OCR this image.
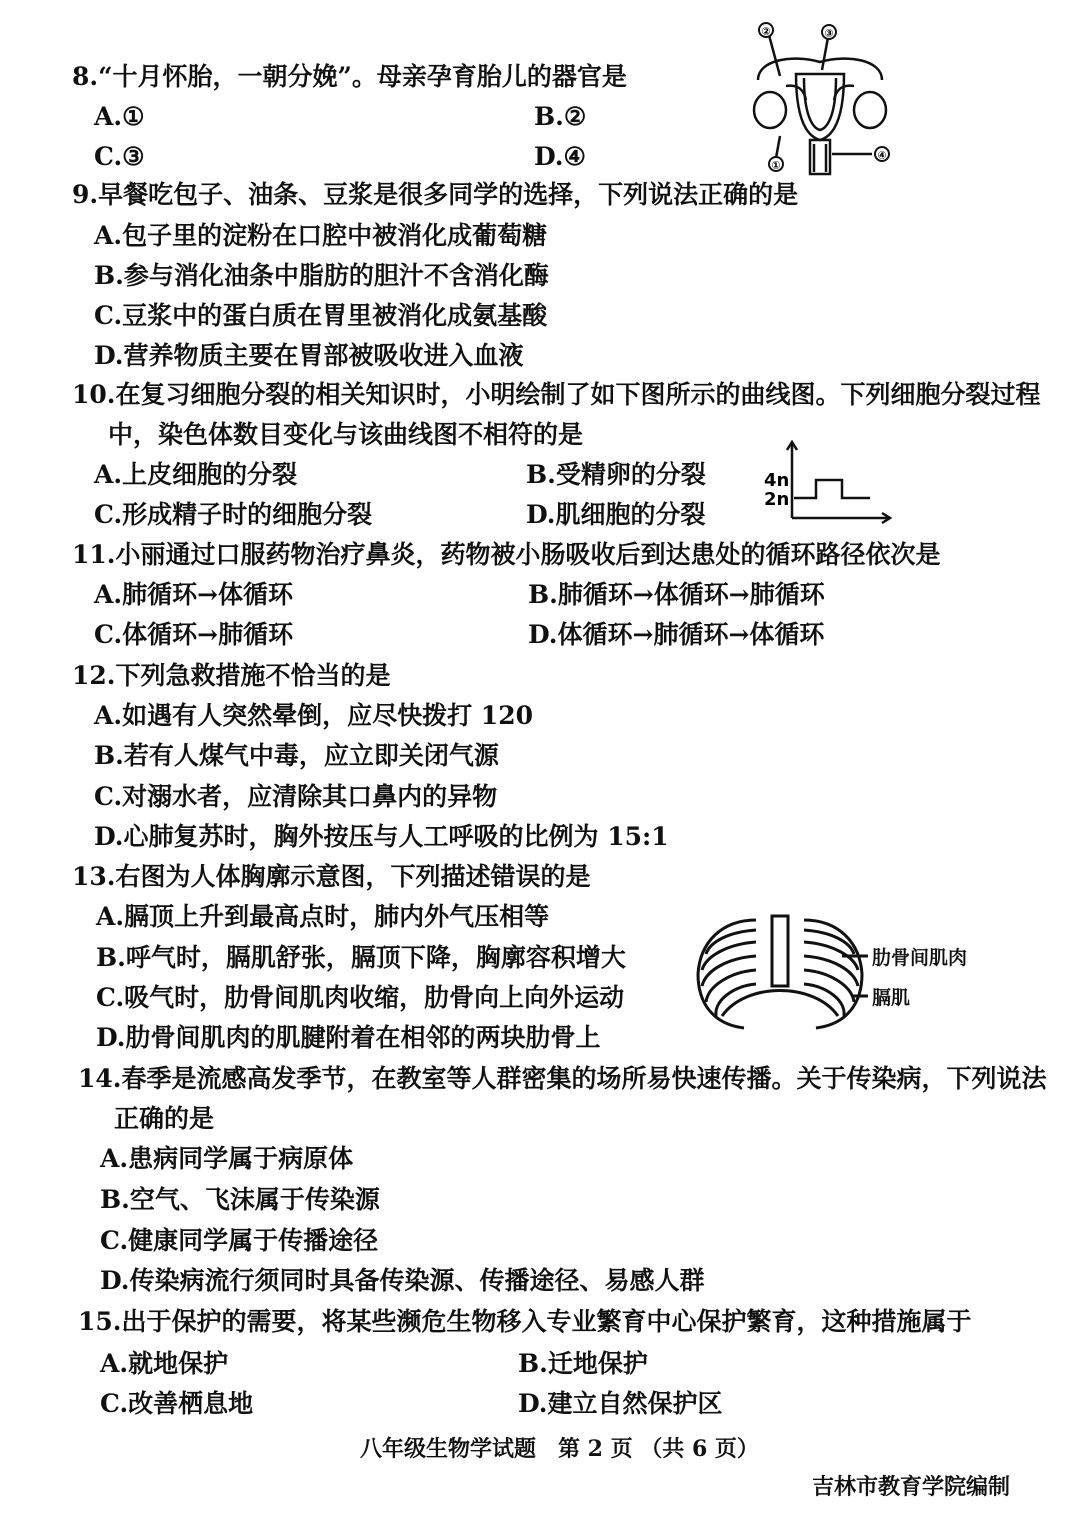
8.“十月怀胎，一朝分娩”。母亲孕育胎儿的器官是
A.①	B.②
C.③	D.④
②	③
①
④
9.早餐吃包子、油条、豆浆是很多同学的选择，下列说法正确的是
A.包子里的淀粉在口腔中被消化成葡萄糖
B.参与消化油条中脂肪的胆汁不含消化酶
C.豆浆中的蛋白质在胃里被消化成氨基酸
D.营养物质主要在胃部被吸收进入血液
10.在复习细胞分裂的相关知识时，小明绘制了如下图所示的曲线图。下列细胞分裂过程
中，染色体数目变化与该曲线图不相符的是
A.上皮细胞的分裂	B.受精卵的分裂
C.形成精子时的细胞分裂	D.肌细胞的分裂
4n
2n
11.小丽通过口服药物治疗鼻炎，药物被小肠吸收后到达患处的循环路径依次是
A.肺循环→体循环	B.肺循环→体循环→肺循环
C.体循环→肺循环	D.体循环→肺循环→体循环
12.下列急救措施不恰当的是
A.如遇有人突然晕倒，应尽快拨打 120
B.若有人煤气中毒，应立即关闭气源
C.对溺水者，应清除其口鼻内的异物
D.心肺复苏时，胸外按压与人工呼吸的比例为 15:1
13.右图为人体胸廓示意图，下列描述错误的是
A.膈顶上升到最高点时，肺内外气压相等
B.呼气时，膈肌舒张，膈顶下降，胸廓容积增大
C.吸气时，肋骨间肌肉收缩，肋骨向上向外运动
D.肋骨间肌肉的肌腱附着在相邻的两块肋骨上
肋骨间肌肉
膈肌
14.春季是流感高发季节，在教室等人群密集的场所易快速传播。关于传染病，下列说法
正确的是
A.患病同学属于病原体
B.空气、飞沫属于传染源
C.健康同学属于传播途径
D.传染病流行须同时具备传染源、传播途径、易感人群
15.出于保护的需要，将某些濒危生物移入专业繁育中心保护繁育，这种措施属于
A.就地保护	B.迁地保护
C.改善栖息地	D.建立自然保护区
八年级生物学试题　第 2 页 （共 6 页）
吉林市教育学院编制
